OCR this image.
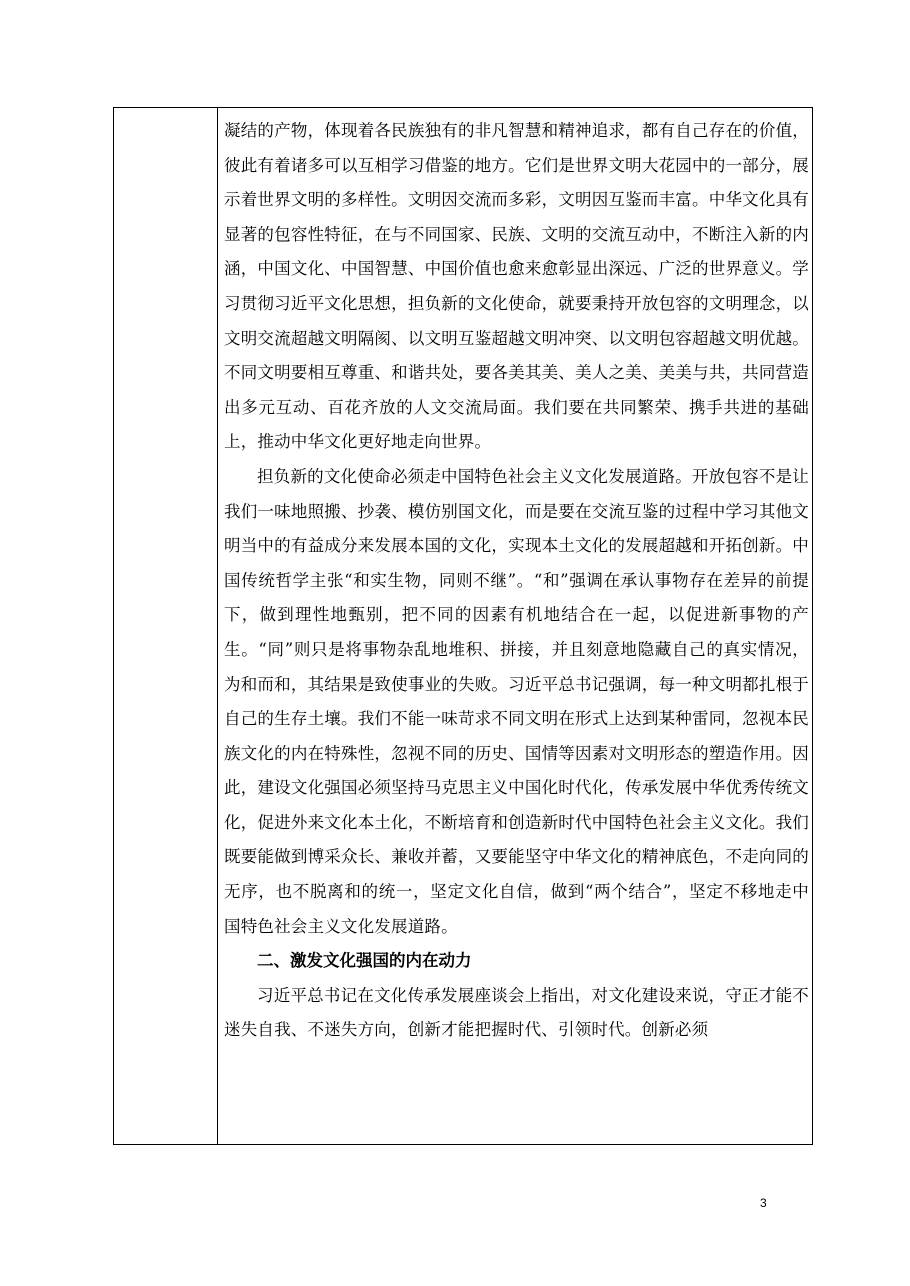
凝结的产物，体现着各民族独有的非凡智慧和精神追求，都有自己存在的价值，彼此有着诸多可以互相学习借鉴的地方。它们是世界文明大花园中的一部分，展示着世界文明的多样性。文明因交流而多彩，文明因互鉴而丰富。中华文化具有显著的包容性特征，在与不同国家、民族、文明的交流互动中，不断注入新的内涵，中国文化、中国智慧、中国价值也愈来愈彰显出深远、广泛的世界意义。学习贯彻习近平文化思想，担负新的文化使命，就要秉持开放包容的文明理念，以文明交流超越文明隔阂、以文明互鉴超越文明冲突、以文明包容超越文明优越。不同文明要相互尊重、和谐共处，要各美其美、美人之美、美美与共，共同营造出多元互动、百花齐放的人文交流局面。我们要在共同繁荣、携手共进的基础上，推动中华文化更好地走向世界。

担负新的文化使命必须走中国特色社会主义文化发展道路。开放包容不是让我们一味地照搬、抄袭、模仿别国文化，而是要在交流互鉴的过程中学习其他文明当中的有益成分来发展本国的文化，实现本土文化的发展超越和开拓创新。中国传统哲学主张“和实生物，同则不继”。“和”强调在承认事物存在差异的前提下，做到理性地甄别，把不同的因素有机地结合在一起，以促进新事物的产生。“同”则只是将事物杂乱地堆积、拼接，并且刻意地隐藏自己的真实情况，为和而和，其结果是致使事业的失败。习近平总书记强调，每一种文明都扎根于自己的生存土壤。我们不能一味苛求不同文明在形式上达到某种雷同，忽视本民族文化的内在特殊性，忽视不同的历史、国情等因素对文明形态的塑造作用。因此，建设文化强国必须坚持马克思主义中国化时代化，传承发展中华优秀传统文化，促进外来文化本土化，不断培育和创造新时代中国特色社会主义文化。我们既要能做到博采众长、兼收并蓄，又要能坚守中华文化的精神底色，不走向同的无序，也不脱离和的统一，坚定文化自信，做到“两个结合”，坚定不移地走中国特色社会主义文化发展道路。

二、激发文化强国的内在动力

习近平总书记在文化传承发展座谈会上指出，对文化建设来说，守正才能不迷失自我、不迷失方向，创新才能把握时代、引领时代。创新必须

3
